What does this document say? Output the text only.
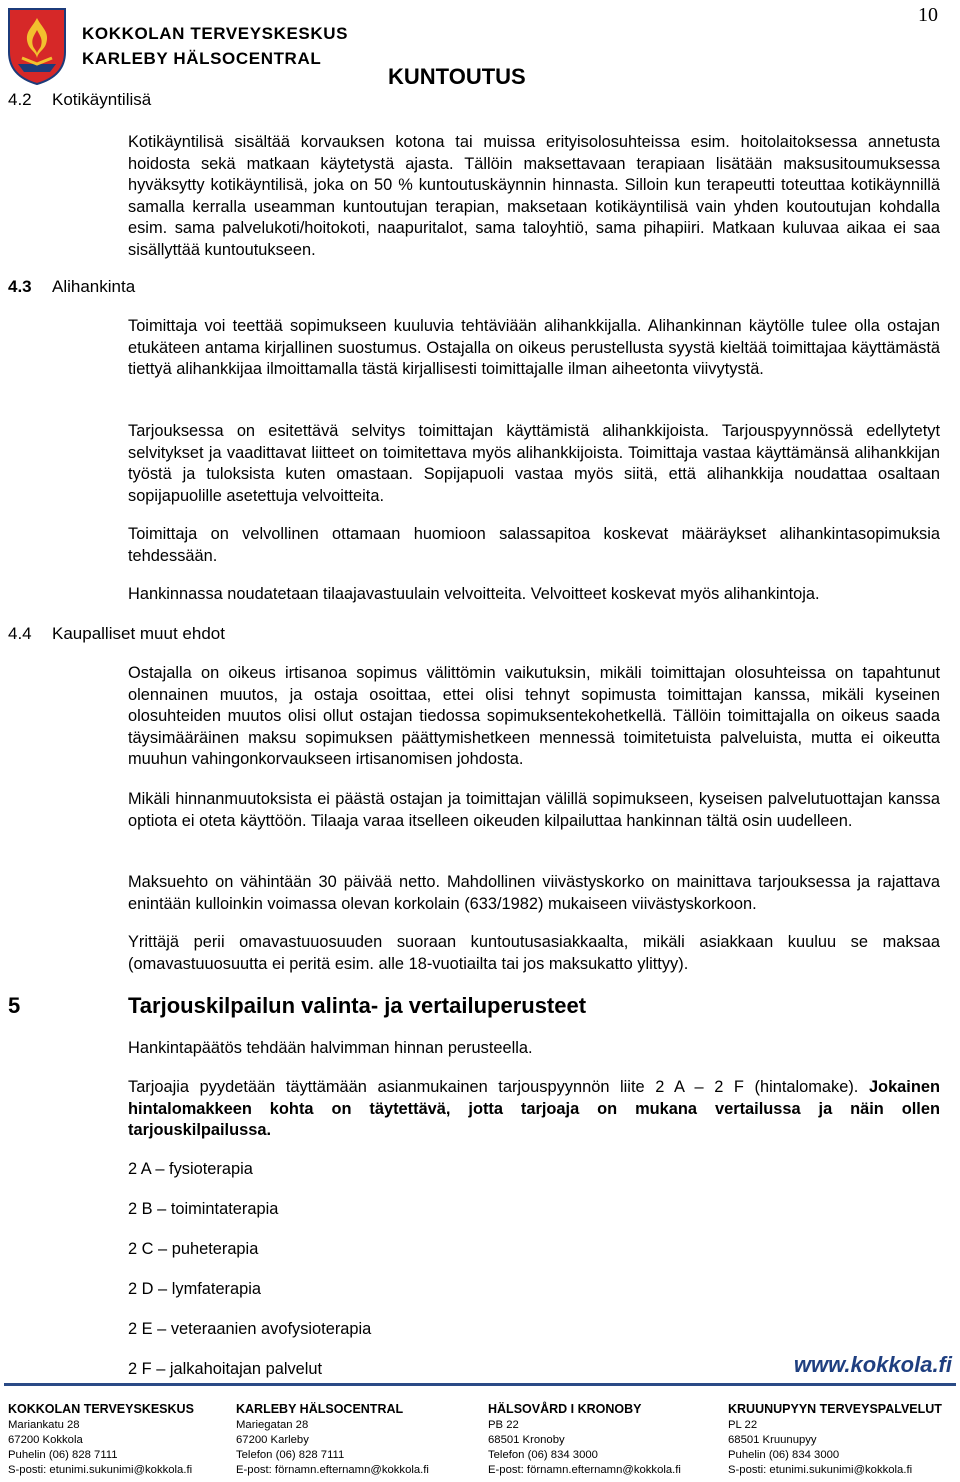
KOKKOLAN TERVEYSKESKUS
KARLEBY HÄLSOCENTRAL
KUNTOUTUS
10
4.2 Kotikäyntilisä

Kotikäyntilisä sisältää korvauksen kotona tai muissa erityisolosuhteissa esim. hoitolaitoksessa annetusta hoidosta sekä matkaan käytetystä ajasta. Tällöin maksettavaan terapiaan lisätään maksusitoumuksessa hyväksytty kotikäyntilisä, joka on 50 % kuntoutuskäynnin hinnasta. Silloin kun terapeutti toteuttaa kotikäynnillä samalla kerralla useamman kuntoutujan terapian, maksetaan kotikäyntilisä vain yhden koutoutujan kohdalla esim. sama palvelukoti/hoitokoti, naapuritalot, sama taloyhtiö, sama pihapiiri. Matkaan kuluvaa aikaa ei saa sisällyttää kuntoutukseen.

4.3 Alihankinta

Toimittaja voi teettää sopimukseen kuuluvia tehtäviään alihankkijalla. Alihankinnan käytölle tulee olla ostajan etukäteen antama kirjallinen suostumus. Ostajalla on oikeus perustellusta syystä kieltää toimittajaa käyttämästä tiettyä alihankkijaa ilmoittamalla tästä kirjallisesti toimittajalle ilman aiheetonta viivytystä.

Tarjouksessa on esitettävä selvitys toimittajan käyttämistä alihankkijoista. Tarjouspyynnössä edellytetyt selvitykset ja vaadittavat liitteet on toimitettava myös alihankkijoista. Toimittaja vastaa käyttämänsä alihankkijan työstä ja tuloksista kuten omastaan. Sopijapuoli vastaa myös siitä, että alihankkija noudattaa osaltaan sopijapuolille asetettuja velvoitteita.

Toimittaja on velvollinen ottamaan huomioon salassapitoa koskevat määräykset alihankintasopimuksia tehdessään.

Hankinnassa noudatetaan tilaajavastuulain velvoitteita. Velvoitteet koskevat myös alihankintoja.

4.4 Kaupalliset muut ehdot

Ostajalla on oikeus irtisanoa sopimus välittömin vaikutuksin, mikäli toimittajan olosuhteissa on tapahtunut olennainen muutos, ja ostaja osoittaa, ettei olisi tehnyt sopimusta toimittajan kanssa, mikäli kyseinen olosuhteiden muutos olisi ollut ostajan tiedossa sopimuksentekohetkellä. Tällöin toimittajalla on oikeus saada täysimääräinen maksu sopimuksen päättymishetkeen mennessä toimitetuista palveluista, mutta ei oikeutta muuhun vahingonkorvaukseen irtisanomisen johdosta.

Mikäli hinnanmuutoksista ei päästä ostajan ja toimittajan välillä sopimukseen, kyseisen palvelutuottajan kanssa optiota ei oteta käyttöön. Tilaaja varaa itselleen oikeuden kilpailuttaa hankinnan tältä osin uudelleen.

Maksuehto on vähintään 30 päivää netto. Mahdollinen viivästyskorko on mainittava tarjouksessa ja rajattava enintään kulloinkin voimassa olevan korkolain (633/1982) mukaiseen viivästyskorkoon.

Yrittäjä perii omavastuuosuuden suoraan kuntoutusasiakkaalta, mikäli asiakkaan kuuluu se maksaa (omavastuuosuutta ei peritä esim. alle 18-vuotiailta tai jos maksukatto ylittyy).

5	Tarjouskilpailun valinta- ja vertailuperusteet

Hankintapäätös tehdään halvimman hinnan perusteella.

Tarjoajia pyydetään täyttämään asianmukainen tarjouspyynnön liite 2 A – 2 F (hintalomake). Jokainen hintalomakkeen kohta on täytettävä, jotta tarjoaja on mukana vertailussa ja näin ollen tarjouskilpailussa.

2 A – fysioterapia
2 B – toimintaterapia
2 C – puheterapia
2 D – lymfaterapia
2 E – veteraanien avofysioterapia
2 F – jalkahoitajan palvelut	www.kokkola.fi
KOKKOLAN TERVEYSKESKUS
Mariankatu 28
67200 Kokkola
Puhelin (06) 828 7111
S-posti: etunimi.sukunimi@kokkola.fi
KARLEBY HÄLSOCENTRAL
Mariegatan 28
67200 Karleby
Telefon (06) 828 7111
E-post: förnamn.efternamn@kokkola.fi
HÄLSOVÅRD I KRONOBY
PB 22
68501 Kronoby
Telefon (06) 834 3000
E-post: förnamn.efternamn@kokkola.fi
KRUUNUPYYN TERVEYSPALVELUT
PL 22
68501 Kruunupyy
Puhelin (06) 834 3000
S-posti: etunimi.sukunimi@kokkola.fi
